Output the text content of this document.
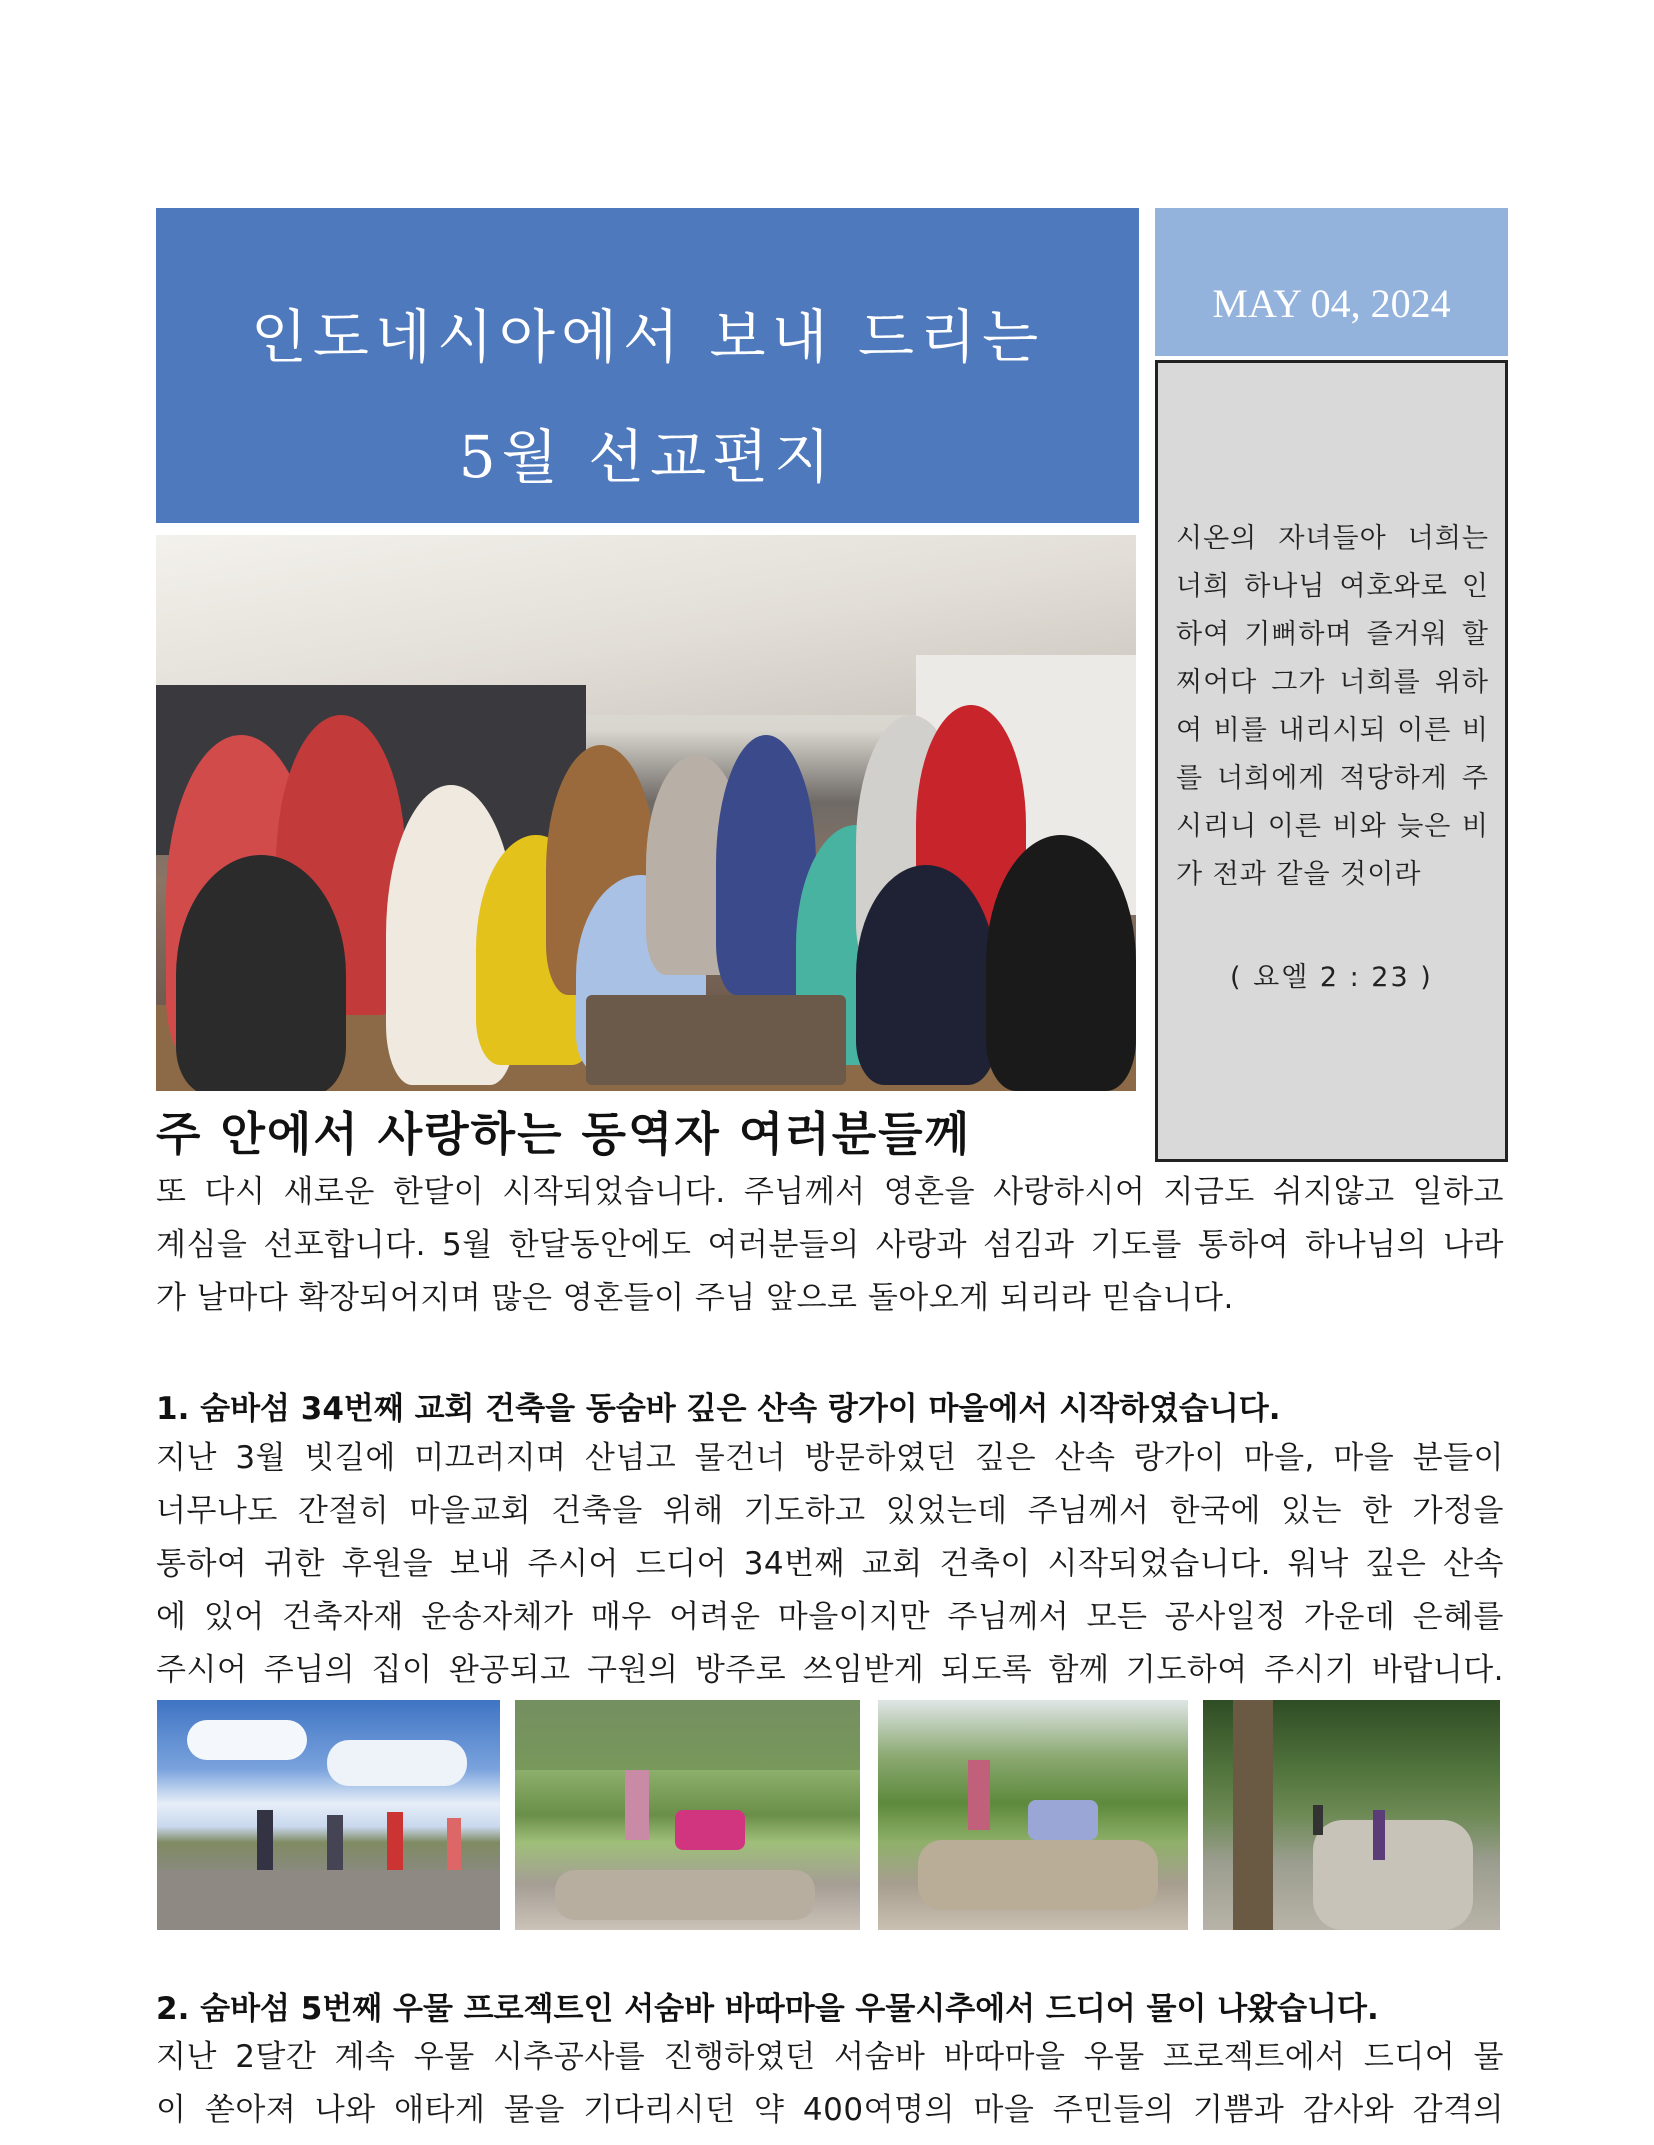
인도네시아에서 보내 드리는
5월 선교편지
MAY 04, 2024
시온의 자녀들아 너희는 너희 하나님 여호와로 인하여 기뻐하며 즐거워 할찌어다 그가 너희를 위하여 비를 내리시되 이른 비를 너희에게 적당하게 주시리니 이른 비와 늦은 비가 전과 같을 것이라
( 요엘 2 : 23 )
주 안에서 사랑하는 동역자 여러분들께
또 다시 새로운 한달이 시작되었습니다. 주님께서 영혼을 사랑하시어 지금도 쉬지않고 일하고
계심을 선포합니다. 5월 한달동안에도 여러분들의 사랑과 섬김과 기도를 통하여 하나님의 나라
가 날마다 확장되어지며 많은 영혼들이 주님 앞으로 돌아오게 되리라 믿습니다.
1. 숨바섬 34번째 교회 건축을 동숨바 깊은 산속 랑가이 마을에서 시작하였습니다.
지난 3월 빗길에 미끄러지며 산넘고 물건너 방문하였던 깊은 산속 랑가이 마을, 마을 분들이
너무나도 간절히 마을교회 건축을 위해 기도하고 있었는데 주님께서 한국에 있는 한 가정을
통하여 귀한 후원을 보내 주시어 드디어 34번째 교회 건축이 시작되었습니다. 워낙 깊은 산속
에 있어 건축자재 운송자체가 매우 어려운 마을이지만 주님께서 모든 공사일정 가운데 은혜를
주시어 주님의 집이 완공되고 구원의 방주로 쓰임받게 되도록 함께 기도하여 주시기 바랍니다.
2. 숨바섬 5번째 우물 프로젝트인 서숨바 바따마을 우물시추에서 드디어 물이 나왔습니다.
지난 2달간 계속 우물 시추공사를 진행하였던 서숨바 바따마을 우물 프로젝트에서 드디어 물
이 쏟아져 나와 애타게 물을 기다리시던 약 400여명의 마을 주민들의 기쁨과 감사와 감격의
